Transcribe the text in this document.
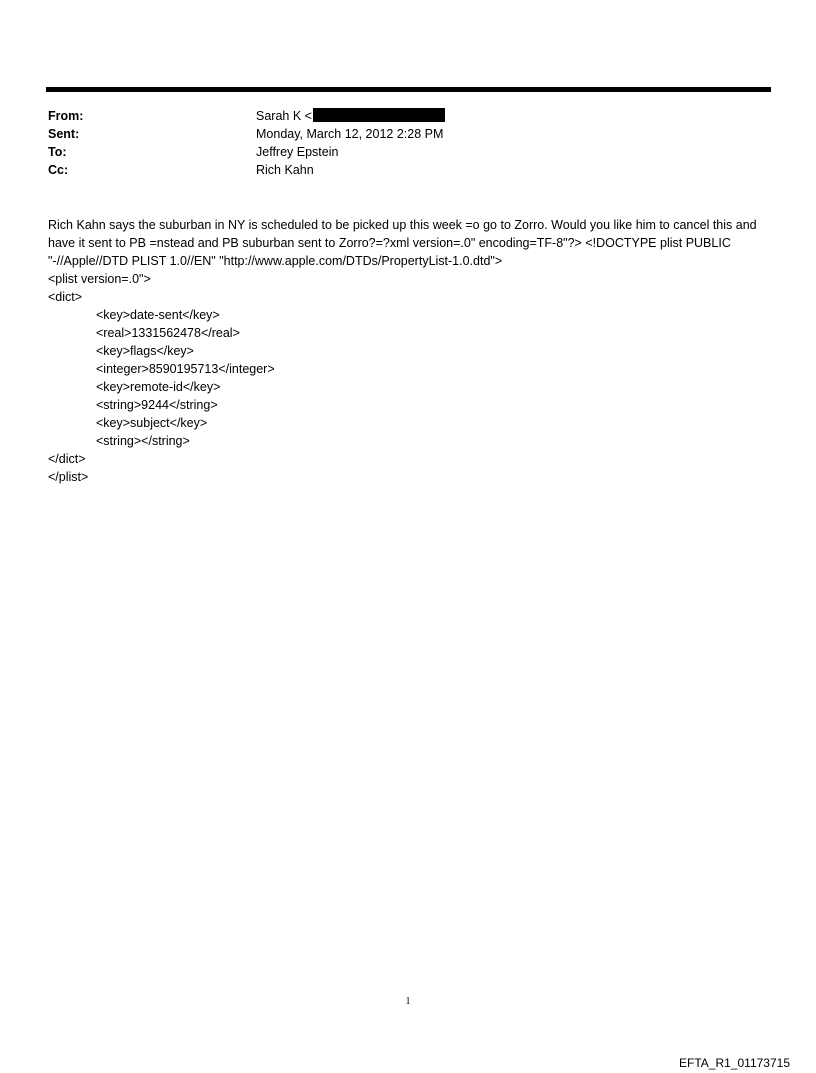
From:	Sarah K <
Sent:	Monday, March 12, 2012 2:28 PM
To:	Jeffrey Epstein
Cc:	Rich Kahn

Rich Kahn says the suburban in NY is scheduled to be picked up this week =o go to Zorro. Would you like him to cancel this and have it sent to PB =nstead and PB suburban sent to Zorro?=?xml version=.0" encoding=TF-8"?> <!DOCTYPE plist PUBLIC "-//Apple//DTD PLIST 1.0//EN" "http://www.apple.com/DTDs/PropertyList-1.0.dtd">

<plist version=.0">
<dict>
<key>date-sent</key>
<real>1331562478</real>
<key>flags</key>
<integer>8590195713</integer>
<key>remote-id</key>
<string>9244</string>
<key>subject</key>
<string></string>
</dict>
</plist>
1
EFTA_R1_01173715
